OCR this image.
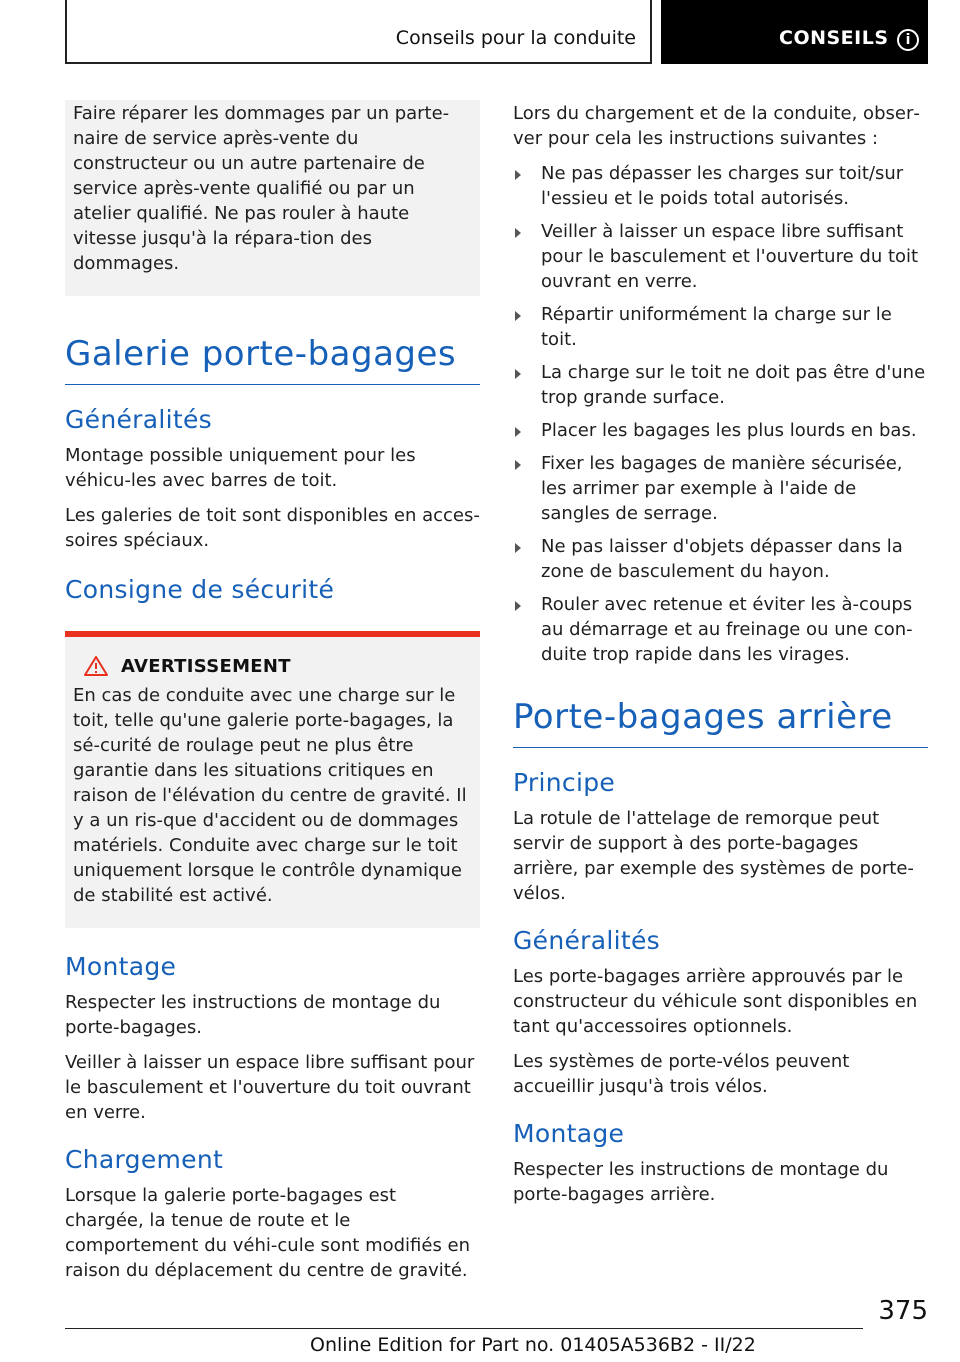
Conseils pour la conduite	CONSEILS	i

Faire réparer les dommages par un parte‐naire de service après-vente du constructeur ou un autre partenaire de service après-vente qualifié ou par un atelier qualifié. Ne pas rouler à haute vitesse jusqu'à la répara‐tion des dommages.

Galerie porte-bagages
Généralités

Montage possible uniquement pour les véhicu‐les avec barres de toit.

Les galeries de toit sont disponibles en acces‐soires spéciaux.

Consigne de sécurité
AVERTISSEMENT

En cas de conduite avec une charge sur le toit, telle qu'une galerie porte-bagages, la sé‐curité de roulage peut ne plus être garantie dans les situations critiques en raison de l'élévation du centre de gravité. Il y a un ris‐que d'accident ou de dommages matériels. Conduite avec charge sur le toit uniquement lorsque le contrôle dynamique de stabilité est activé.

Montage

Respecter les instructions de montage du porte-bagages.

Veiller à laisser un espace libre suffisant pour le basculement et l'ouverture du toit ouvrant en verre.

Chargement

Lorsque la galerie porte-bagages est chargée, la tenue de route et le comportement du véhi‐cule sont modifiés en raison du déplacement du centre de gravité.

Lors du chargement et de la conduite, obser‐ver pour cela les instructions suivantes :

Ne pas dépasser les charges sur toit/sur l'essieu et le poids total autorisés.
Veiller à laisser un espace libre suffisant pour le basculement et l'ouverture du toit ouvrant en verre.
Répartir uniformément la charge sur le toit.
La charge sur le toit ne doit pas être d'une trop grande surface.
Placer les bagages les plus lourds en bas.
Fixer les bagages de manière sécurisée, les arrimer par exemple à l'aide de sangles de serrage.
Ne pas laisser d'objets dépasser dans la zone de basculement du hayon.
Rouler avec retenue et éviter les à-coups au démarrage et au freinage ou une con‐duite trop rapide dans les virages.
Porte-bagages arrière
Principe

La rotule de l'attelage de remorque peut servir de support à des porte-bagages arrière, par exemple des systèmes de porte-vélos.

Généralités

Les porte-bagages arrière approuvés par le constructeur du véhicule sont disponibles en tant qu'accessoires optionnels.

Les systèmes de porte-vélos peuvent accueillir jusqu'à trois vélos.

Montage

Respecter les instructions de montage du porte-bagages arrière.

375
Online Edition for Part no. 01405A536B2 - II/22
